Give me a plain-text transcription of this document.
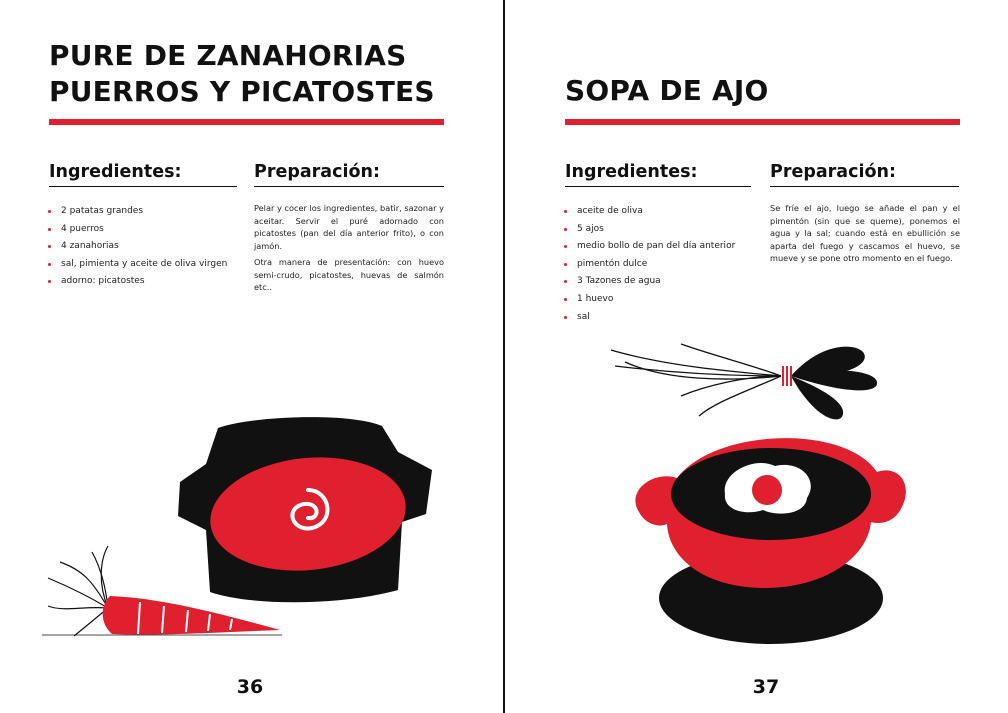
PURE DE ZANAHORIAS
PUERROS Y PICATOSTES
Ingredientes:	Preparación:
2 patatas grandes
4 puerros
4 zanahorias
sal, pimienta y aceite de oliva virgen
adorno: picatostes

Pelar y cocer los ingredientes, batir, sazonar y aceitar. Servir el puré adornado con picatostes (pan del día anterior frito), o con jamón.

Otra manera de presentación: con huevo semi-crudo, picatostes, huevas de salmón etc..

36
SOPA DE AJO
Ingredientes:	Preparación:
aceite de oliva
5 ajos
medio bollo de pan del día anterior
pimentón dulce
3 Tazones de agua
1 huevo
sal

Se fríe el ajo, luego se añade el pan y el pimentón (sin que se queme), ponemos el agua y la sal; cuando está en ebullición se aparta del fuego y cascamos el huevo, se mueve y se pone otro momento en el fuego.

37
